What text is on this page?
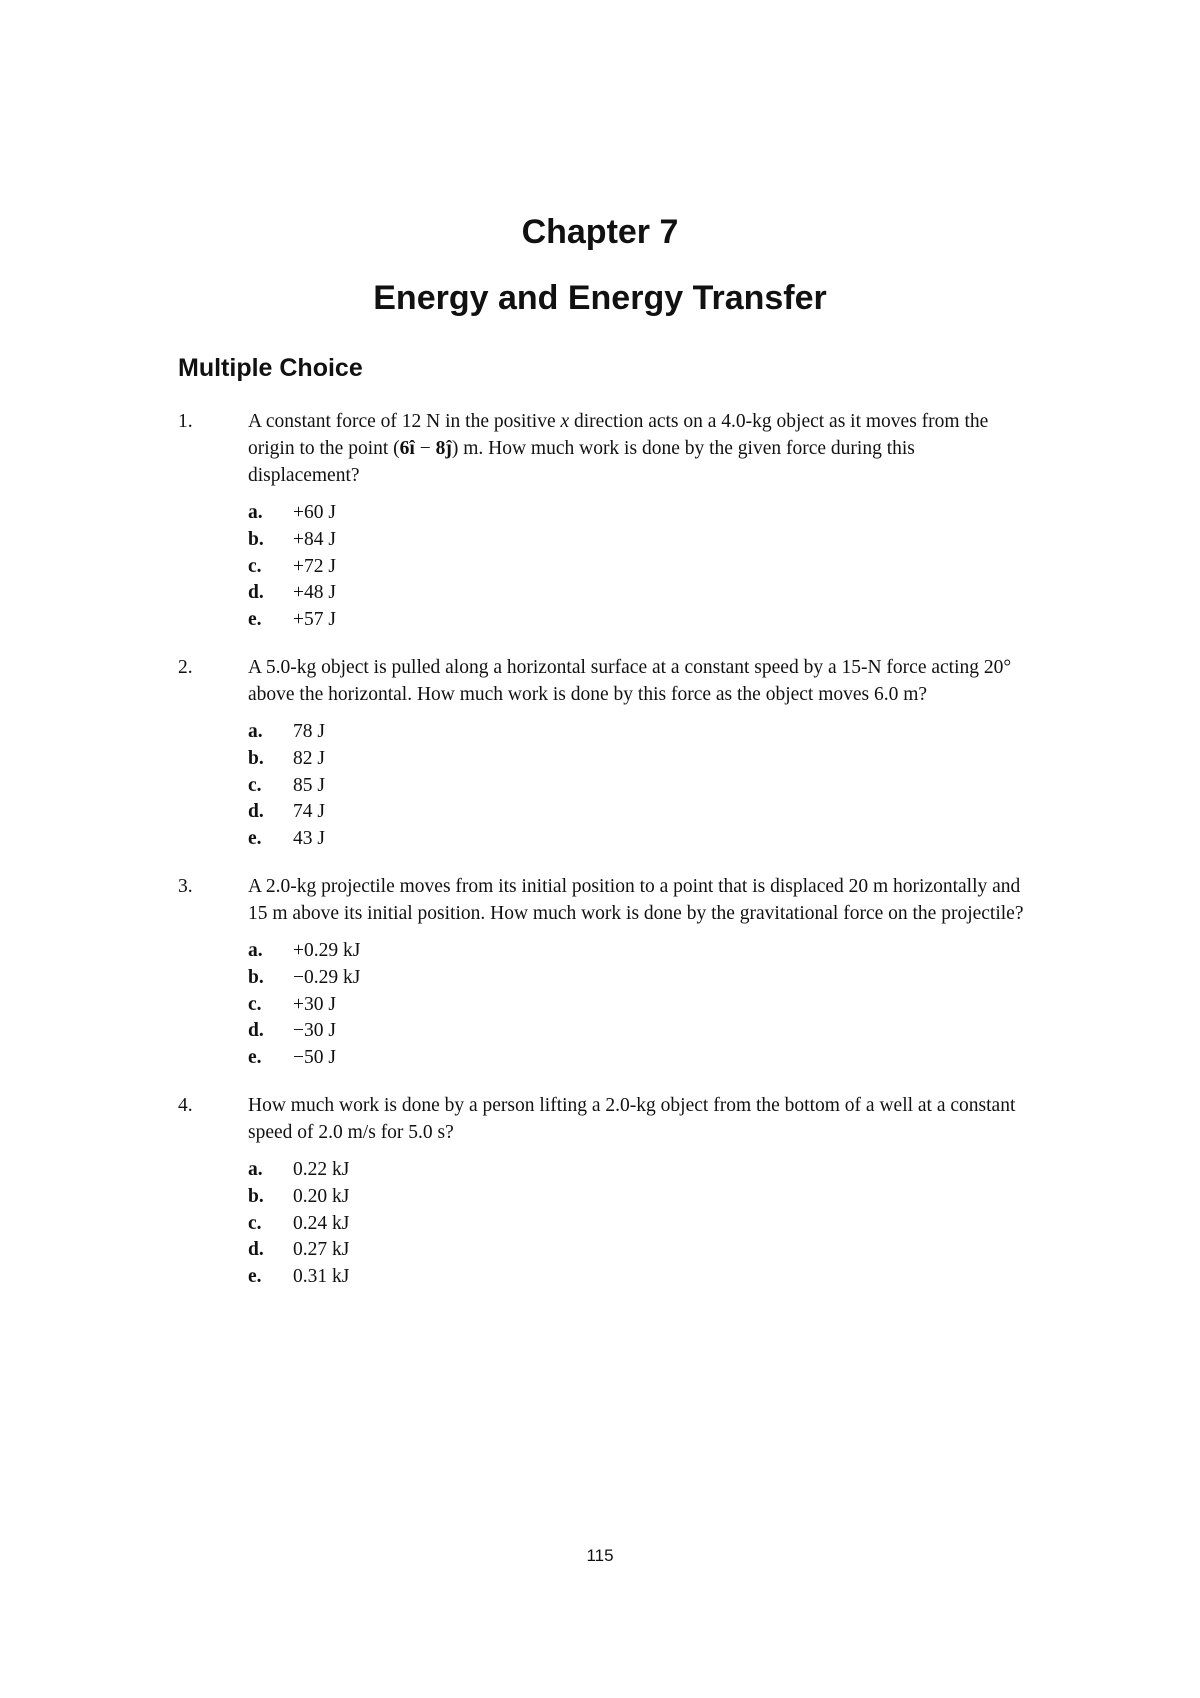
Chapter 7
Energy and Energy Transfer
Multiple Choice
1.	A constant force of 12 N in the positive x direction acts on a 4.0-kg object as it moves from the origin to the point (6î − 8ĵ) m. How much work is done by the given force during this displacement?
a.	+60 J
b.	+84 J
c.	+72 J
d.	+48 J
e.	+57 J
2.	A 5.0-kg object is pulled along a horizontal surface at a constant speed by a 15-N force acting 20° above the horizontal. How much work is done by this force as the object moves 6.0 m?
a.	78 J
b.	82 J
c.	85 J
d.	74 J
e.	43 J
3.	A 2.0-kg projectile moves from its initial position to a point that is displaced 20 m horizontally and 15 m above its initial position. How much work is done by the gravitational force on the projectile?
a.	+0.29 kJ
b.	−0.29 kJ
c.	+30 J
d.	−30 J
e.	−50 J
4.	How much work is done by a person lifting a 2.0-kg object from the bottom of a well at a constant speed of 2.0 m/s for 5.0 s?
a.	0.22 kJ
b.	0.20 kJ
c.	0.24 kJ
d.	0.27 kJ
e.	0.31 kJ
115
